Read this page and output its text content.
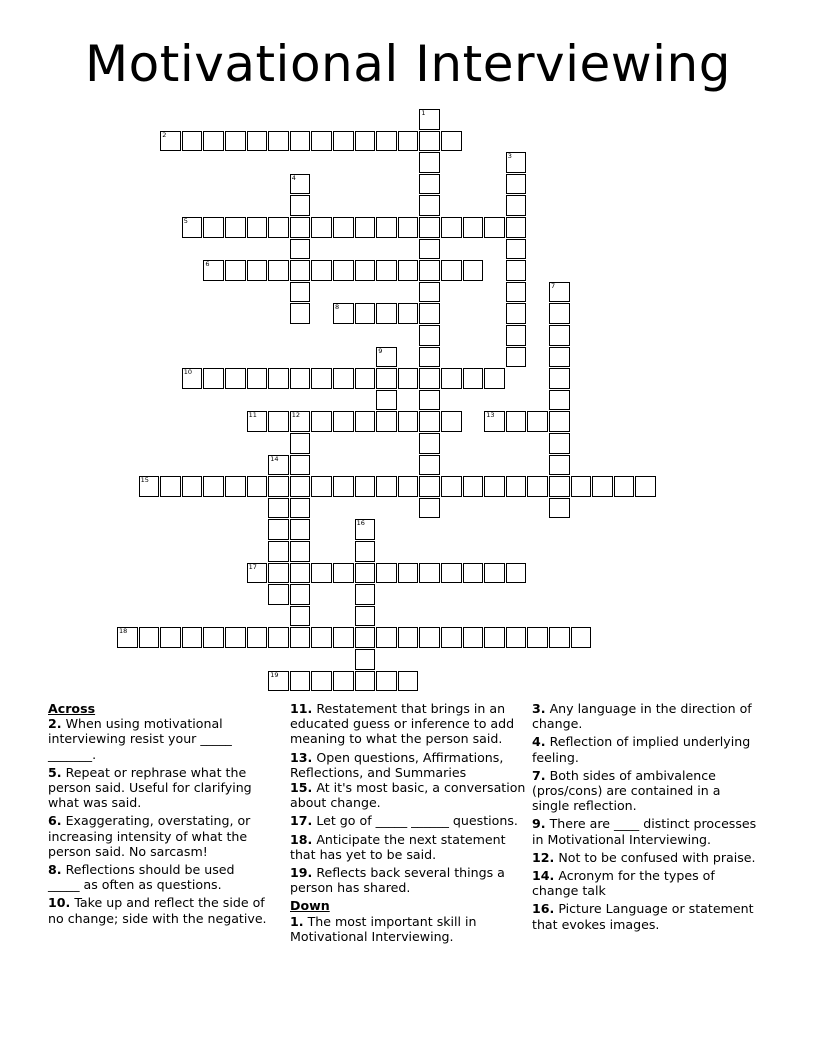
Motivational Interviewing
1
2
3
4
5
6
7
8
9
10
11	12	13
14
15
16
17
18
19
Across
2. When using motivational interviewing resist your _____ _______.
5. Repeat or rephrase what the person said. Useful for clarifying what was said.
6. Exaggerating, overstating, or increasing intensity of what the person said. No sarcasm!
8. Reflections should be used _____ as often as questions.
10. Take up and reflect the side of no change; side with the negative.
11. Restatement that brings in an educated guess or inference to add meaning to what the person said.
13. Open questions, Affirmations, Reflections, and Summaries
15. At it's most basic, a conversation about change.
17. Let go of _____ ______ questions.
18. Anticipate the next statement that has yet to be said.
19. Reflects back several things a person has shared.
Down
1. The most important skill in Motivational Interviewing.
3. Any language in the direction of change.
4. Reflection of implied underlying feeling.
7. Both sides of ambivalence (pros/cons) are contained in a single reflection.
9. There are ____ distinct processes in Motivational Interviewing.
12. Not to be confused with praise.
14. Acronym for the types of change talk
16. Picture Language or statement that evokes images.
